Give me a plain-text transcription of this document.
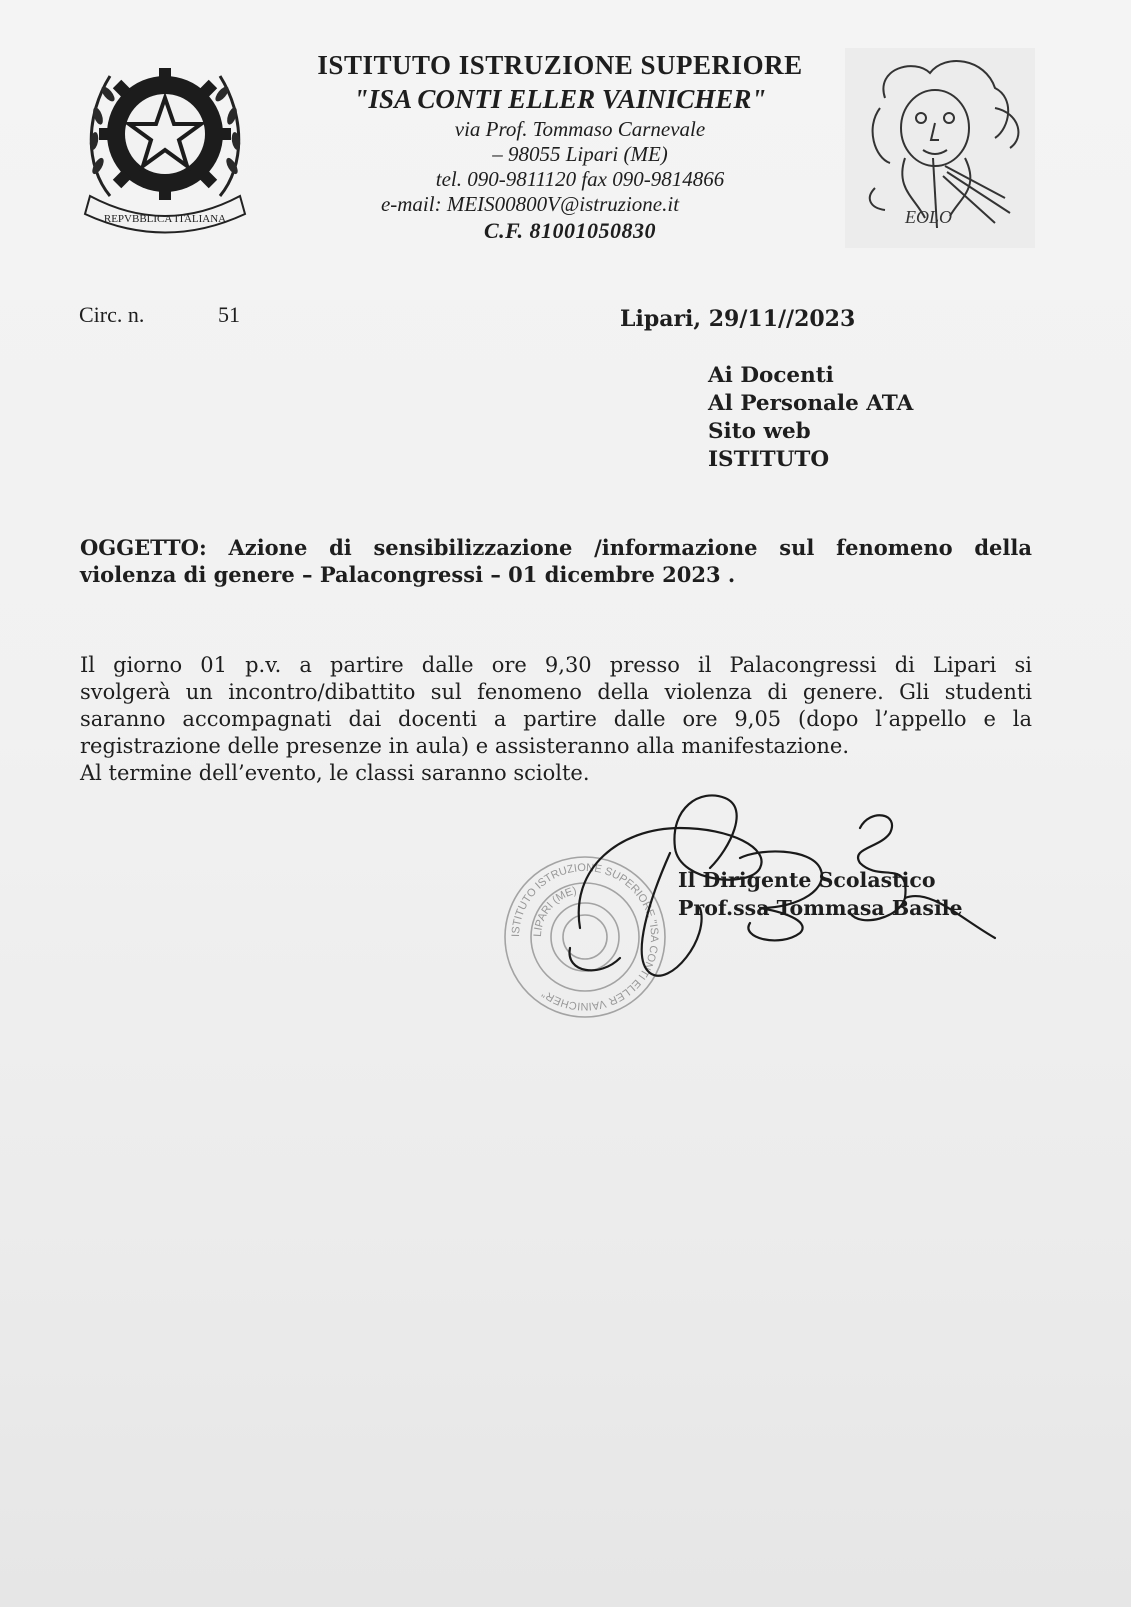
REPVBBLICA ITALIANA
ISTITUTO ISTRUZIONE SUPERIORE
"ISA CONTI ELLER VAINICHER"
via Prof. Tommaso Carnevale
– 98055 Lipari (ME)
tel. 090-9811120 fax 090-9814866
e-mail: MEIS00800V@istruzione.it
C.F. 81001050830
EOLO
Circ. n.	51	Lipari, 29/11//2023
Ai Docenti
Al Personale ATA
Sito web
ISTITUTO
OGGETTO: Azione di sensibilizzazione /informazione sul fenomeno della
violenza di genere – Palacongressi – 01 dicembre 2023 .
Il giorno 01 p.v. a partire dalle ore 9,30 presso il Palacongressi di Lipari si
svolgerà un incontro/dibattito sul fenomeno della violenza di genere. Gli studenti
saranno accompagnati dai docenti a partire dalle ore 9,05 (dopo l’appello e la
registrazione delle presenze in aula) e assisteranno alla manifestazione.
Al termine dell’evento, le classi saranno sciolte.
ISTITUTO ISTRUZIONE SUPERIORE "ISA CONTI ELLER VAINICHER"
LIPARI (ME)	Il Dirigente Scolastico
Prof.ssa Tommasa Basile
